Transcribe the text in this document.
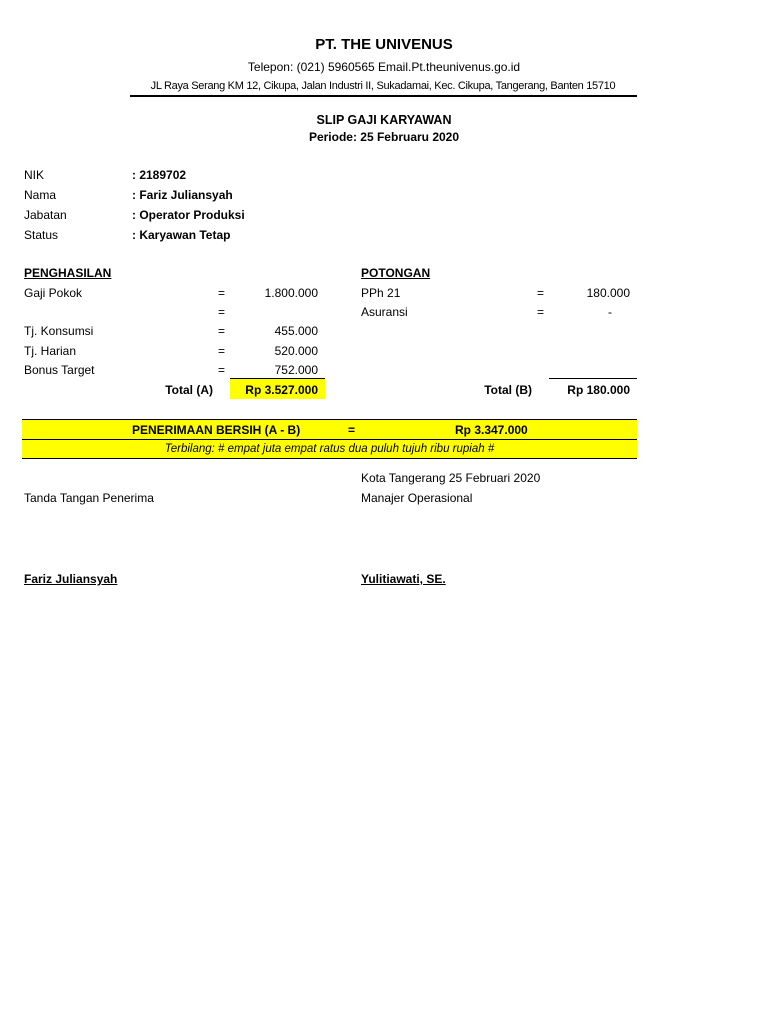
PT. THE UNIVENUS
Telepon: (021) 5960565 Email.Pt.theunivenus.go.id
JL Raya Serang KM 12, Cikupa, Jalan Industri II, Sukadamai, Kec. Cikupa, Tangerang, Banten 15710
SLIP GAJI KARYAWAN
Periode: 25 Februaru 2020
NIK	: 2189702
Nama	: Fariz Juliansyah
Jabatan	: Operator Produksi
Status	: Karyawan Tetap
PENGHASILAN
Gaji Pokok	=	1.800.000
=
Tj. Konsumsi	=	455.000
Tj. Harian	=	520.000
Bonus Target	=	752.000
Total (A)	Rp 3.527.000
POTONGAN
PPh 21	=	180.000
Asuransi	=	-
Total (B)	Rp 180.000
PENERIMAAN BERSIH (A - B)	=	Rp 3.347.000
Terbilang: # empat juta empat ratus dua puluh tujuh ribu rupiah #
Kota Tangerang 25 Februari 2020
Tanda Tangan Penerima	Manajer Operasional
Fariz Juliansyah	Yulitiawati, SE.
